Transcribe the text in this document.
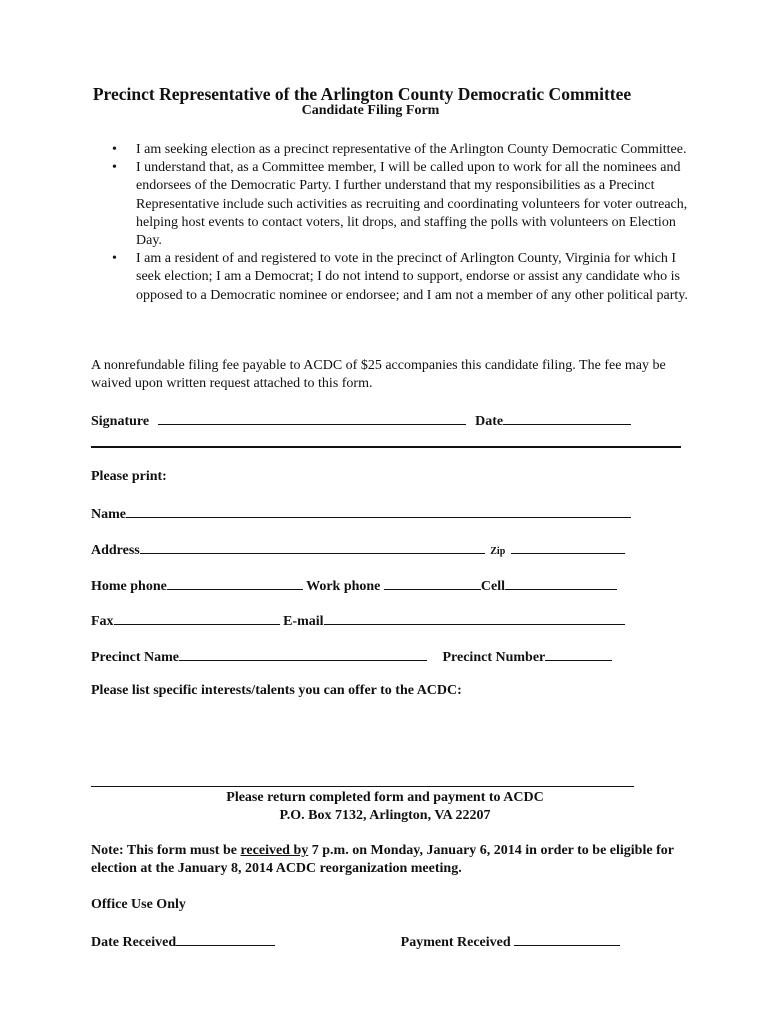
Precinct Representative of the Arlington County Democratic Committee
Candidate Filing Form
• I am seeking election as a precinct representative of the Arlington County Democratic Committee.
• I understand that, as a Committee member, I will be called upon to work for all the nominees and endorsees of the Democratic Party. I further understand that my responsibilities as a Precinct Representative include such activities as recruiting and coordinating volunteers for voter outreach, helping host events to contact voters, lit drops, and staffing the polls with volunteers on Election Day.
• I am a resident of and registered to vote in the precinct of Arlington County, Virginia for which I seek election; I am a Democrat; I do not intend to support, endorse or assist any candidate who is opposed to a Democratic nominee or endorsee; and I am not a member of any other political party.
A nonrefundable filing fee payable to ACDC of $25 accompanies this candidate filing. The fee may be waived upon written request attached to this form.
Signature	Date
Please print:
Name
Address	Zip
Home phone	Work phone	Cell
Fax	E-mail
Precinct Name	Precinct Number
Please list specific interests/talents you can offer to the ACDC:
Please return completed form and payment to ACDC
P.O. Box 7132, Arlington, VA 22207
Note: This form must be received by 7 p.m. on Monday, January 6, 2014 in order to be eligible for election at the January 8, 2014 ACDC reorganization meeting.
Office Use Only
Date Received	Payment Received
